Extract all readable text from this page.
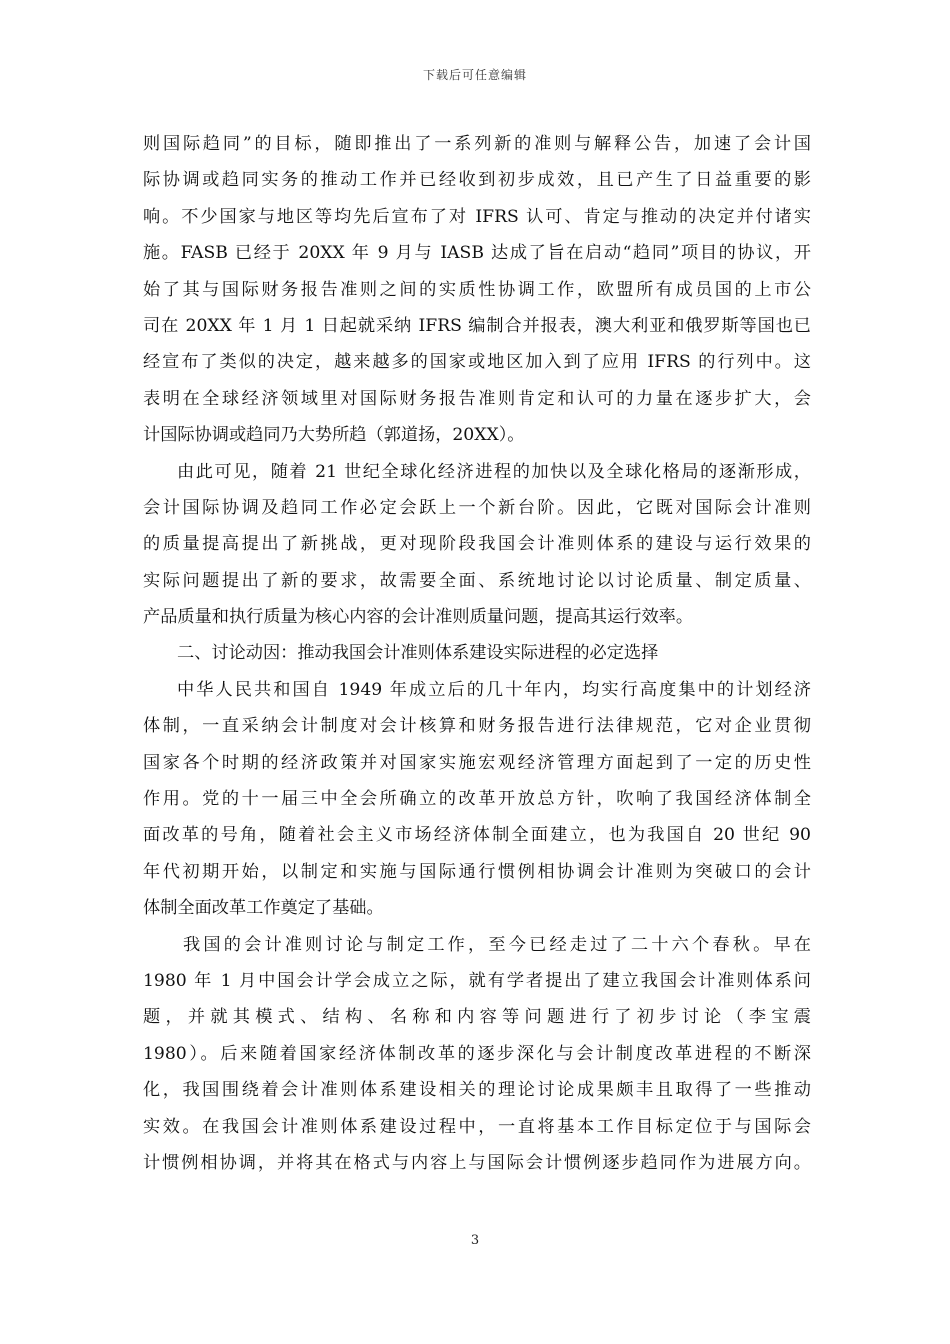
下载后可任意编辑
则国际趋同”的目标，随即推出了一系列新的准则与解释公告，加速了会计国
际协调或趋同实务的推动工作并已经收到初步成效，且已产生了日益重要的影
响。不少国家与地区等均先后宣布了对 IFRS 认可、肯定与推动的决定并付诸实
施。FASB 已经于 20XX 年 9 月与 IASB 达成了旨在启动“趋同”项目的协议，开
始了其与国际财务报告准则之间的实质性协调工作，欧盟所有成员国的上市公
司在 20XX 年 1 月 1 日起就采纳 IFRS 编制合并报表，澳大利亚和俄罗斯等国也已
经宣布了类似的决定，越来越多的国家或地区加入到了应用 IFRS 的行列中。这
表明在全球经济领域里对国际财务报告准则肯定和认可的力量在逐步扩大，会
计国际协调或趋同乃大势所趋（郭道扬，20XX）。
由此可见，随着 21 世纪全球化经济进程的加快以及全球化格局的逐渐形成，
会计国际协调及趋同工作必定会跃上一个新台阶。因此，它既对国际会计准则
的质量提高提出了新挑战，更对现阶段我国会计准则体系的建设与运行效果的
实际问题提出了新的要求，故需要全面、系统地讨论以讨论质量、制定质量、
产品质量和执行质量为核心内容的会计准则质量问题，提高其运行效率。
二、讨论动因：推动我国会计准则体系建设实际进程的必定选择
中华人民共和国自 1949 年成立后的几十年内，均实行高度集中的计划经济
体制，一直采纳会计制度对会计核算和财务报告进行法律规范，它对企业贯彻
国家各个时期的经济政策并对国家实施宏观经济管理方面起到了一定的历史性
作用。党的十一届三中全会所确立的改革开放总方针，吹响了我国经济体制全
面改革的号角，随着社会主义市场经济体制全面建立，也为我国自 20 世纪 90
年代初期开始，以制定和实施与国际通行惯例相协调会计准则为突破口的会计
体制全面改革工作奠定了基础。
我国的会计准则讨论与制定工作，至今已经走过了二十六个春秋。早在
1980 年 1 月中国会计学会成立之际，就有学者提出了建立我国会计准则体系问
题，并就其模式、结构、名称和内容等问题进行了初步讨论（李宝震
1980）。后来随着国家经济体制改革的逐步深化与会计制度改革进程的不断深
化，我国围绕着会计准则体系建设相关的理论讨论成果颇丰且取得了一些推动
实效。在我国会计准则体系建设过程中，一直将基本工作目标定位于与国际会
计惯例相协调，并将其在格式与内容上与国际会计惯例逐步趋同作为进展方向。
3
